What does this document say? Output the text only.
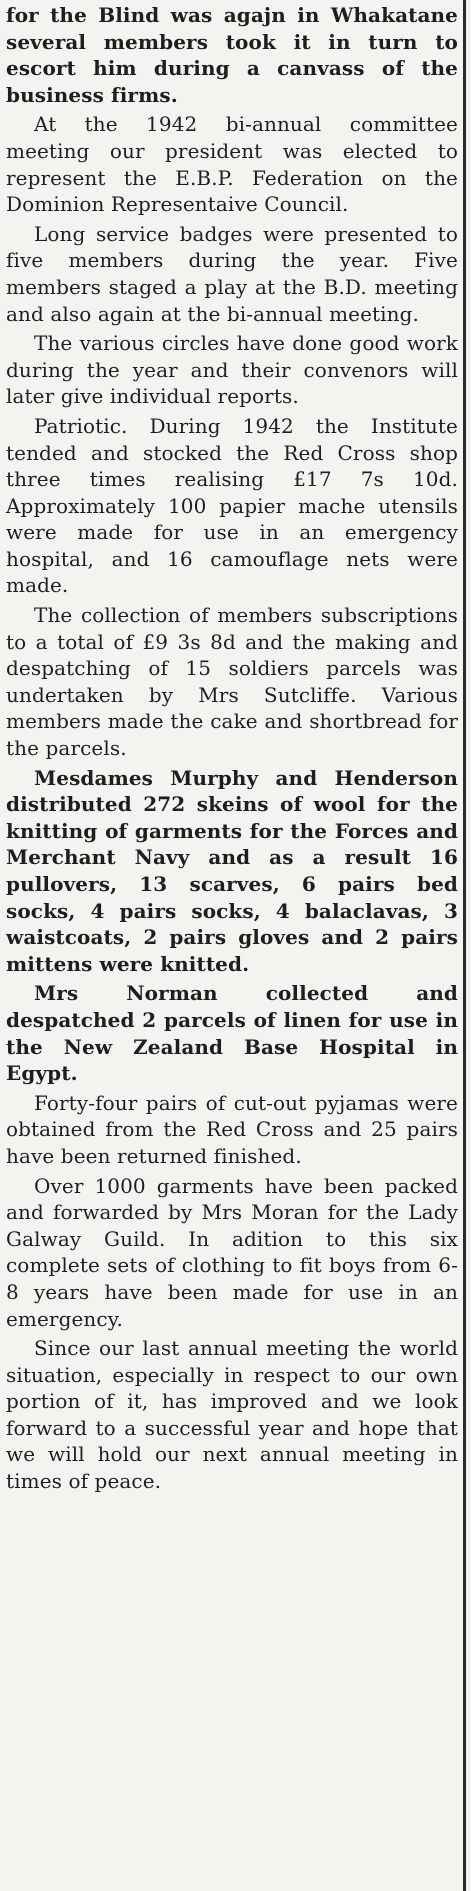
for the Blind was agajn in Whakatane several members took it in turn to escort him during a canvass of the business firms.

At the 1942 bi-annual committee meeting our president was elected to represent the E.B.P. Federation on the Dominion Representaive Council.

Long service badges were presented to five members during the year. Five members staged a play at the B.D. meeting and also again at the bi-annual meeting.

The various circles have done good work during the year and their convenors will later give individual reports.

Patriotic. During 1942 the Institute tended and stocked the Red Cross shop three times realising £17 7s 10d. Approximately 100 papier mache utensils were made for use in an emergency hospital, and 16 camouflage nets were made.

The collection of members subscriptions to a total of £9 3s 8d and the making and despatching of 15 soldiers parcels was undertaken by Mrs Sutcliffe. Various members made the cake and shortbread for the parcels.

Mesdames Murphy and Henderson distributed 272 skeins of wool for the knitting of garments for the Forces and Merchant Navy and as a result 16 pullovers, 13 scarves, 6 pairs bed socks, 4 pairs socks, 4 balaclavas, 3 waistcoats, 2 pairs gloves and 2 pairs mittens were knitted.

Mrs Norman collected and despatched 2 parcels of linen for use in the New Zealand Base Hospital in Egypt.

Forty-four pairs of cut-out pyjamas were obtained from the Red Cross and 25 pairs have been returned finished.

Over 1000 garments have been packed and forwarded by Mrs Moran for the Lady Galway Guild. In adition to this six complete sets of clothing to fit boys from 6-8 years have been made for use in an emergency.

Since our last annual meeting the world situation, especially in respect to our own portion of it, has improved and we look forward to a successful year and hope that we will hold our next annual meeting in times of peace.
